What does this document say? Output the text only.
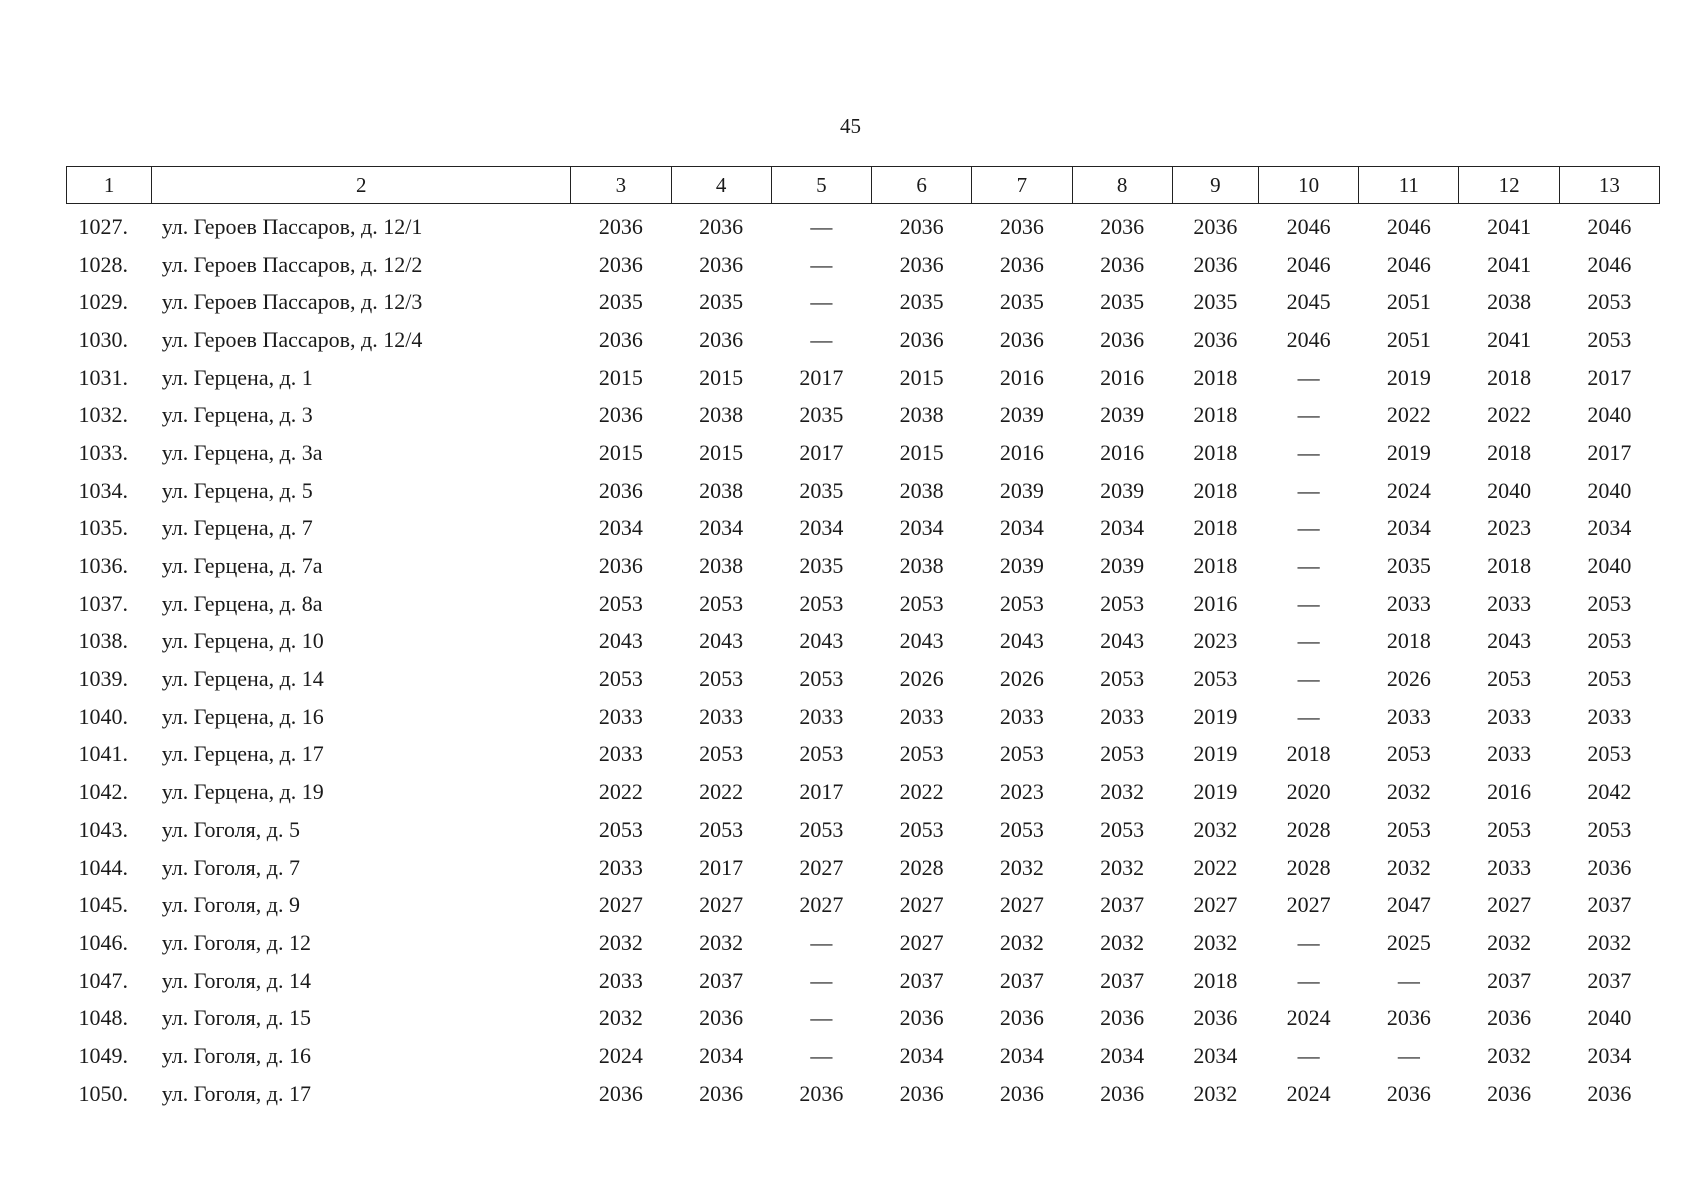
45
1	2	3	4	5	6	7	8	9	10	11	12	13
1027.	ул. Героев Пассаров, д. 12/1	2036	2036	—	2036	2036	2036	2036	2046	2046	2041	2046
1028.	ул. Героев Пассаров, д. 12/2	2036	2036	—	2036	2036	2036	2036	2046	2046	2041	2046
1029.	ул. Героев Пассаров, д. 12/3	2035	2035	—	2035	2035	2035	2035	2045	2051	2038	2053
1030.	ул. Героев Пассаров, д. 12/4	2036	2036	—	2036	2036	2036	2036	2046	2051	2041	2053
1031.	ул. Герцена, д. 1	2015	2015	2017	2015	2016	2016	2018	—	2019	2018	2017
1032.	ул. Герцена, д. 3	2036	2038	2035	2038	2039	2039	2018	—	2022	2022	2040
1033.	ул. Герцена, д. 3а	2015	2015	2017	2015	2016	2016	2018	—	2019	2018	2017
1034.	ул. Герцена, д. 5	2036	2038	2035	2038	2039	2039	2018	—	2024	2040	2040
1035.	ул. Герцена, д. 7	2034	2034	2034	2034	2034	2034	2018	—	2034	2023	2034
1036.	ул. Герцена, д. 7а	2036	2038	2035	2038	2039	2039	2018	—	2035	2018	2040
1037.	ул. Герцена, д. 8а	2053	2053	2053	2053	2053	2053	2016	—	2033	2033	2053
1038.	ул. Герцена, д. 10	2043	2043	2043	2043	2043	2043	2023	—	2018	2043	2053
1039.	ул. Герцена, д. 14	2053	2053	2053	2026	2026	2053	2053	—	2026	2053	2053
1040.	ул. Герцена, д. 16	2033	2033	2033	2033	2033	2033	2019	—	2033	2033	2033
1041.	ул. Герцена, д. 17	2033	2053	2053	2053	2053	2053	2019	2018	2053	2033	2053
1042.	ул. Герцена, д. 19	2022	2022	2017	2022	2023	2032	2019	2020	2032	2016	2042
1043.	ул. Гоголя, д. 5	2053	2053	2053	2053	2053	2053	2032	2028	2053	2053	2053
1044.	ул. Гоголя, д. 7	2033	2017	2027	2028	2032	2032	2022	2028	2032	2033	2036
1045.	ул. Гоголя, д. 9	2027	2027	2027	2027	2027	2037	2027	2027	2047	2027	2037
1046.	ул. Гоголя, д. 12	2032	2032	—	2027	2032	2032	2032	—	2025	2032	2032
1047.	ул. Гоголя, д. 14	2033	2037	—	2037	2037	2037	2018	—	—	2037	2037
1048.	ул. Гоголя, д. 15	2032	2036	—	2036	2036	2036	2036	2024	2036	2036	2040
1049.	ул. Гоголя, д. 16	2024	2034	—	2034	2034	2034	2034	—	—	2032	2034
1050.	ул. Гоголя, д. 17	2036	2036	2036	2036	2036	2036	2032	2024	2036	2036	2036
